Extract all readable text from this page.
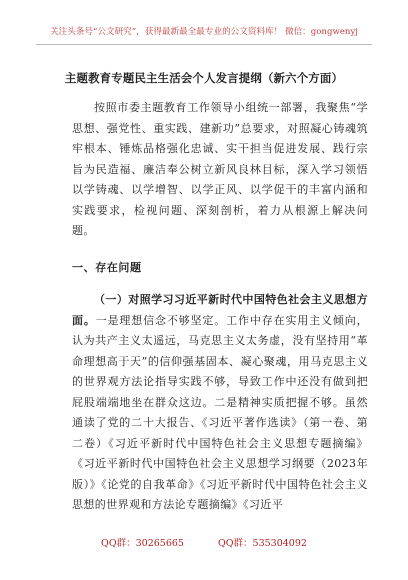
关注头条号“公文研究”，获得最新最全最专业的公文资料库！ 微信：gongwenyj
主题教育专题民主生活会个人发言提纲（新六个方面）
按照市委主题教育工作领导小组统一部署，我聚焦“学思想、强党性、重实践、建新功”总要求，对照凝心铸魂筑牢根本、锤炼品格强化忠诚、实干担当促进发展、践行宗旨为民造福、廉洁奉公树立新风良林目标，深入学习领悟以学铸魂、以学增智、以学正风、以学促干的丰富内涵和实践要求，检视问题、深刻剖析，着力从根源上解决问题。
一、存在问题
（一）对照学习习近平新时代中国特色社会主义思想方面。一是理想信念不够坚定。工作中存在实用主义倾向，认为共产主义太遥远，马克思主义太务虚，没有坚持用“革命理想高于天”的信仰强基固本、凝心聚魂，用马克思主义的世界观方法论指导实践不够，导致工作中还没有做到把屁股端端地坐在群众这边。二是精神实质把握不够。虽然通读了党的二十大报告、《习近平著作选读》（第一卷、第二卷）《习近平新时代中国特色社会主义思想专题摘编》《习近平新时代中国特色社会主义思想学习纲要（2023年版）》《论党的自我革命》《习近平新时代中国特色社会主义思想的世界观和方法论专题摘编》《习近平
QQ群：30265665	QQ群：535304092
